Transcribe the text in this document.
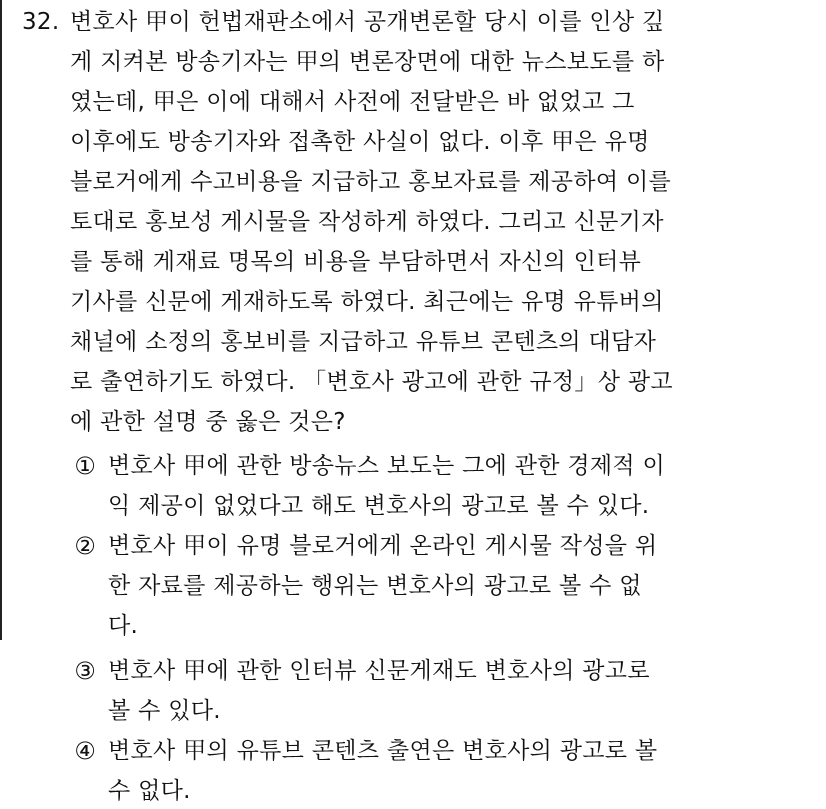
32. 변호사 甲이 헌법재판소에서 공개변론할 당시 이를 인상 깊
게 지켜본 방송기자는 甲의 변론장면에 대한 뉴스보도를 하
였는데, 甲은 이에 대해서 사전에 전달받은 바 없었고 그
이후에도 방송기자와 접촉한 사실이 없다. 이후 甲은 유명
블로거에게 수고비용을 지급하고 홍보자료를 제공하여 이를
토대로 홍보성 게시물을 작성하게 하였다. 그리고 신문기자
를 통해 게재료 명목의 비용을 부담하면서 자신의 인터뷰
기사를 신문에 게재하도록 하였다. 최근에는 유명 유튜버의
채널에 소정의 홍보비를 지급하고 유튜브 콘텐츠의 대담자
로 출연하기도 하였다. 「변호사 광고에 관한 규정」상 광고
에 관한 설명 중 옳은 것은?
① 변호사 甲에 관한 방송뉴스 보도는 그에 관한 경제적 이
익 제공이 없었다고 해도 변호사의 광고로 볼 수 있다.
② 변호사 甲이 유명 블로거에게 온라인 게시물 작성을 위
한 자료를 제공하는 행위는 변호사의 광고로 볼 수 없
다.
③ 변호사 甲에 관한 인터뷰 신문게재도 변호사의 광고로
볼 수 있다.
④ 변호사 甲의 유튜브 콘텐츠 출연은 변호사의 광고로 볼
수 없다.
